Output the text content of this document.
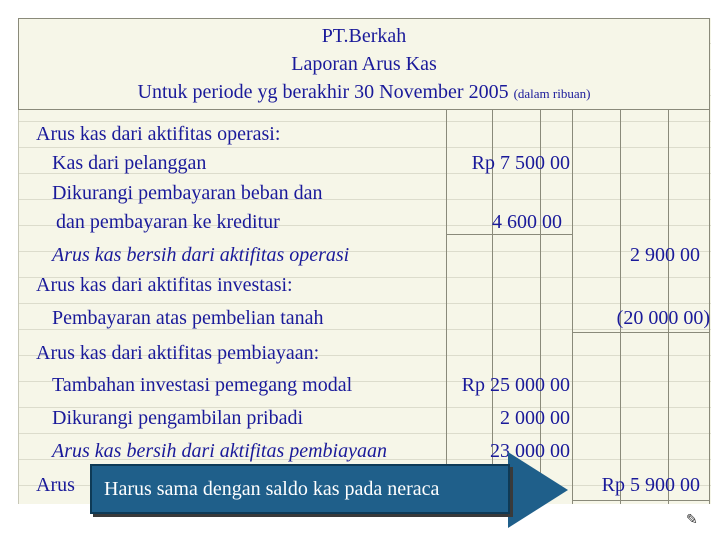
PT.Berkah
Laporan Arus Kas
Untuk periode yg berakhir 30 November 2005 (dalam ribuan)
Arus kas dari aktifitas operasi:
Kas dari pelanggan	Rp 7 500 00
Dikurangi pembayaran beban dan
dan pembayaran ke kreditur	4 600 00
Arus kas bersih dari aktifitas operasi	2 900 00
Arus kas dari aktifitas investasi:
Pembayaran atas pembelian tanah	(20 000 00)
Arus kas dari aktifitas pembiayaan:
Tambahan investasi pemegang modal	Rp 25 000 00
Dikurangi pengambilan pribadi	2 000 00
Arus kas bersih dari aktifitas pembiayaan	23 000 00
Arus	Rp 5 900 00
Harus sama dengan saldo kas pada neraca
✎
